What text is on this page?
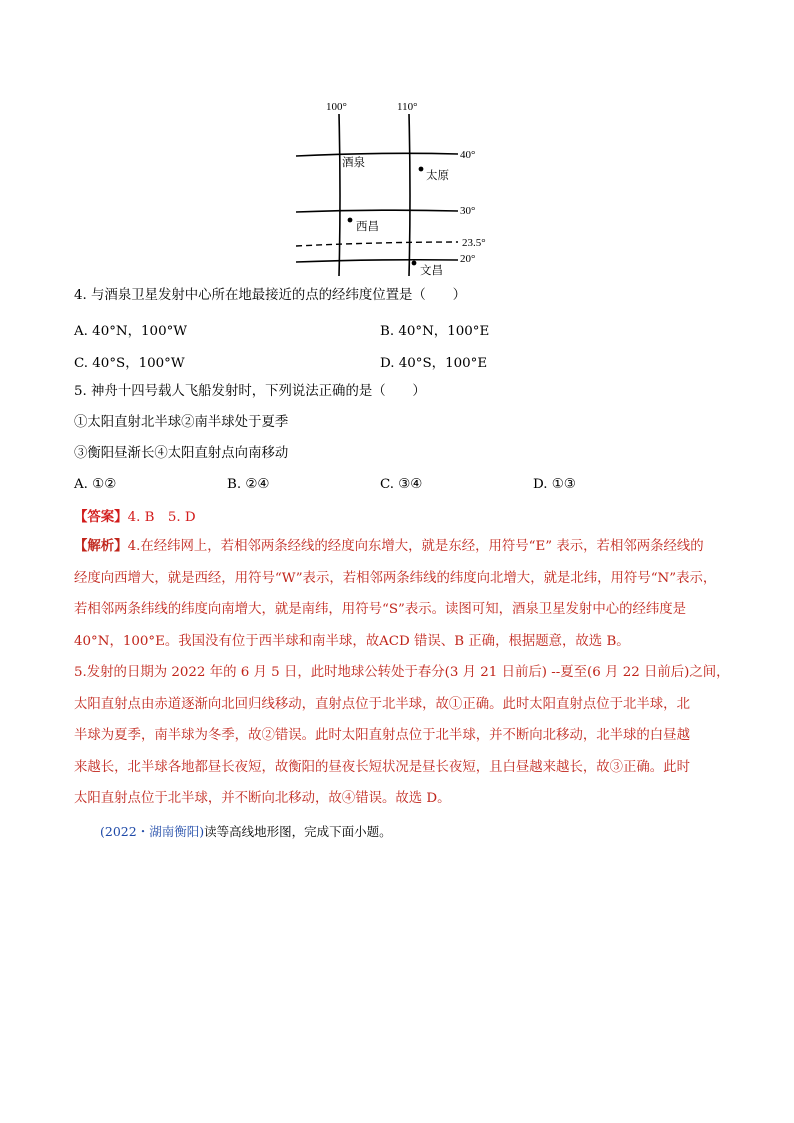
100°	110°
40°
30°
23.5°
20°
酒泉
太原
西昌
文昌
4. 与酒泉卫星发射中心所在地最接近的点的经纬度位置是（　　）
A. 40°N，100°W	B. 40°N，100°E
C. 40°S，100°W	D. 40°S，100°E
5. 神舟十四号载人飞船发射时，下列说法正确的是（　　）
①太阳直射北半球②南半球处于夏季
③衡阳昼渐长④太阳直射点向南移动
A. ①②	B. ②④	C. ③④	D. ①③
【答案】4. B　5. D
【解析】4.在经纬网上，若相邻两条经线的经度向东增大，就是东经，用符号“E” 表示，若相邻两条经线的
经度向西增大，就是西经，用符号“W”表示，若相邻两条纬线的纬度向北增大，就是北纬，用符号“N”表示，
若相邻两条纬线的纬度向南增大，就是南纬，用符号“S”表示。读图可知，酒泉卫星发射中心的经纬度是
40°N，100°E。我国没有位于西半球和南半球，故ACD 错误、B 正确，根据题意，故选 B。
5.发射的日期为 2022 年的 6 月 5 日，此时地球公转处于春分(3 月 21 日前后) --夏至(6 月 22 日前后)之间，
太阳直射点由赤道逐渐向北回归线移动，直射点位于北半球，故①正确。此时太阳直射点位于北半球，北
半球为夏季，南半球为冬季，故②错误。此时太阳直射点位于北半球，并不断向北移动，北半球的白昼越
来越长，北半球各地都昼长夜短，故衡阳的昼夜长短状况是昼长夜短，且白昼越来越长，故③正确。此时
太阳直射点位于北半球，并不断向北移动，故④错误。故选 D。
(2022・湖南衡阳)读等高线地形图，完成下面小题。
